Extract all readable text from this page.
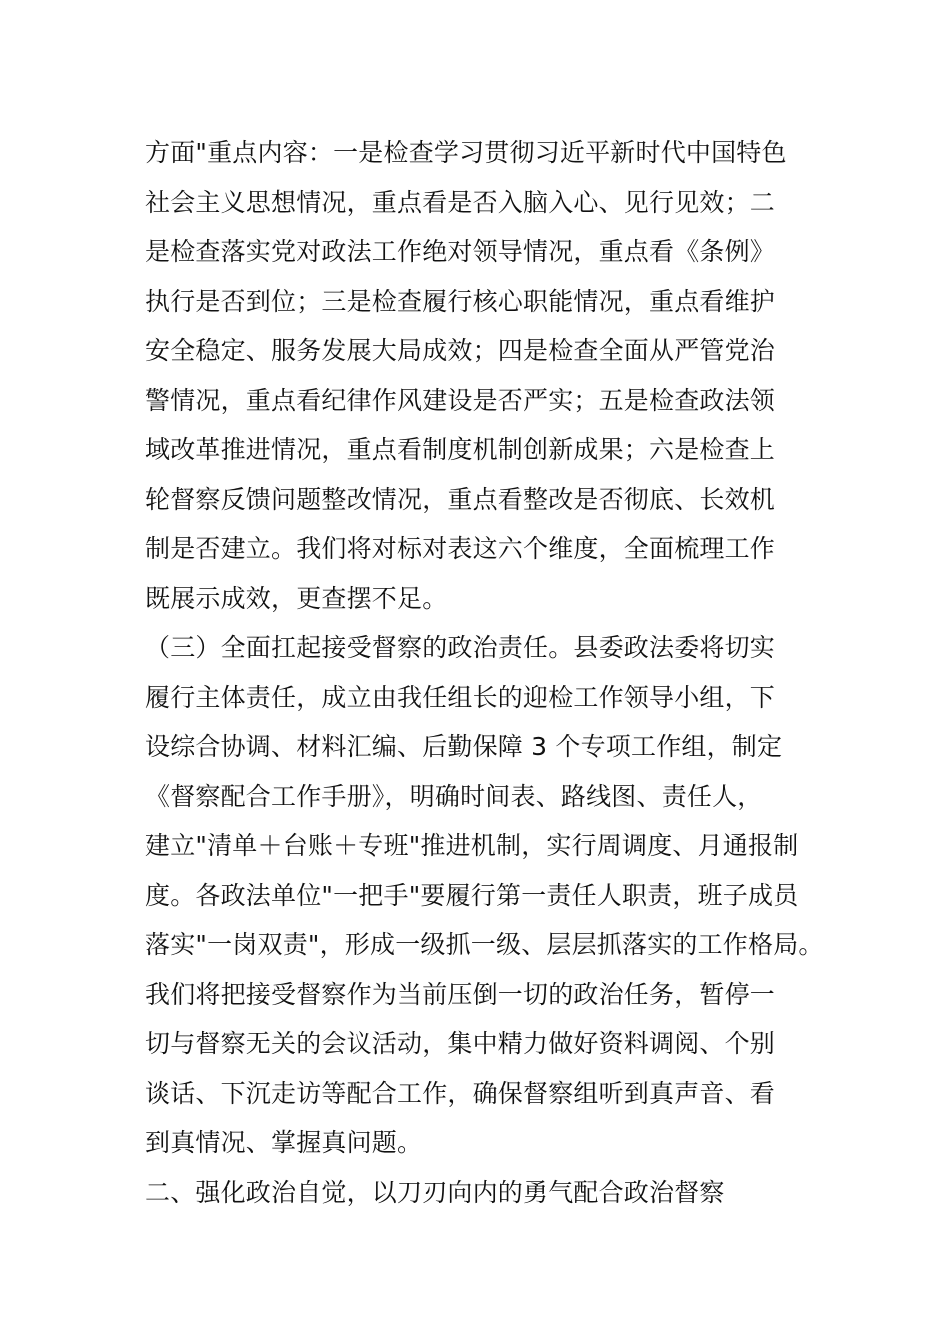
方面"重点内容：一是检查学习贯彻习近平新时代中国特色
社会主义思想情况，重点看是否入脑入心、见行见效；二
是检查落实党对政法工作绝对领导情况，重点看《条例》
执行是否到位；三是检查履行核心职能情况，重点看维护
安全稳定、服务发展大局成效；四是检查全面从严管党治
警情况，重点看纪律作风建设是否严实；五是检查政法领
域改革推进情况，重点看制度机制创新成果；六是检查上
轮督察反馈问题整改情况，重点看整改是否彻底、长效机
制是否建立。我们将对标对表这六个维度，全面梳理工作
既展示成效，更查摆不足。
（三）全面扛起接受督察的政治责任。县委政法委将切实
履行主体责任，成立由我任组长的迎检工作领导小组，下
设综合协调、材料汇编、后勤保障 3 个专项工作组，制定
《督察配合工作手册》，明确时间表、路线图、责任人，
建立"清单＋台账＋专班"推进机制，实行周调度、月通报制
度。各政法单位"一把手"要履行第一责任人职责，班子成员
落实"一岗双责"，形成一级抓一级、层层抓落实的工作格局。
我们将把接受督察作为当前压倒一切的政治任务，暂停一
切与督察无关的会议活动，集中精力做好资料调阅、个别
谈话、下沉走访等配合工作，确保督察组听到真声音、看
到真情况、掌握真问题。
二、强化政治自觉，以刀刃向内的勇气配合政治督察
